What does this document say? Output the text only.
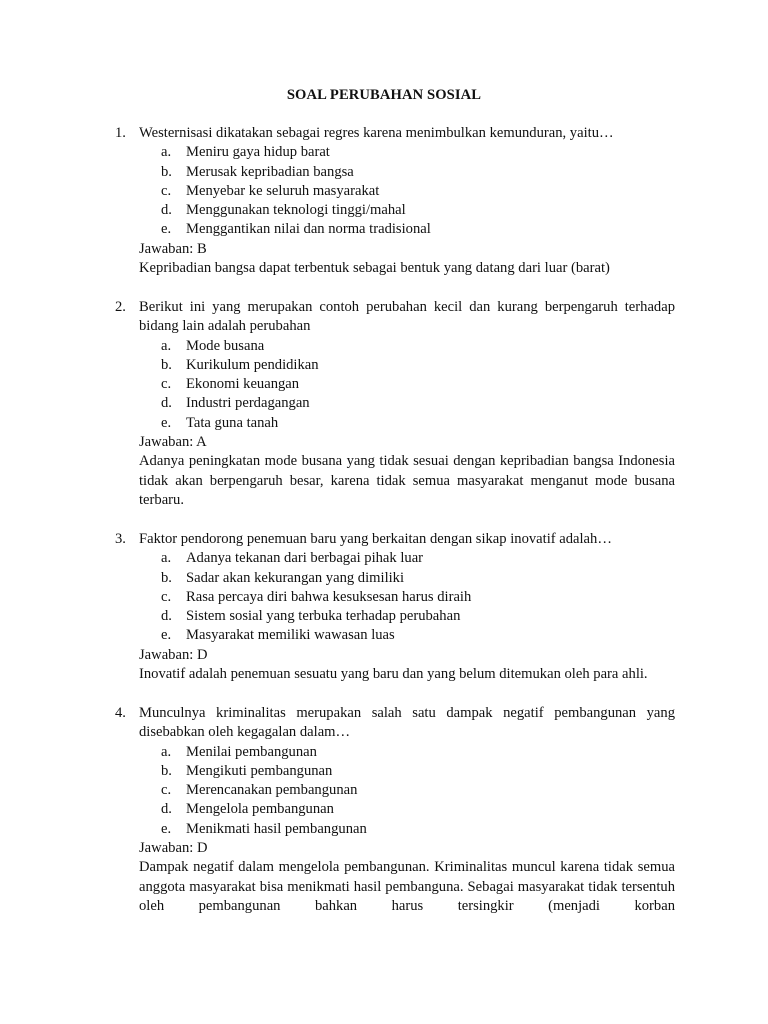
SOAL PERUBAHAN SOSIAL
1. Westernisasi dikatakan sebagai regres karena menimbulkan kemunduran, yaitu…
a. Meniru gaya hidup barat
b. Merusak kepribadian bangsa
c. Menyebar ke seluruh masyarakat
d. Menggunakan teknologi tinggi/mahal
e. Menggantikan nilai dan norma tradisional
Jawaban: B
Kepribadian bangsa dapat terbentuk sebagai bentuk yang datang dari luar (barat)
2. Berikut ini yang merupakan contoh perubahan kecil dan kurang berpengaruh terhadap bidang lain adalah perubahan
a. Mode busana
b. Kurikulum pendidikan
c. Ekonomi keuangan
d. Industri perdagangan
e. Tata guna tanah
Jawaban: A
Adanya peningkatan mode busana yang tidak sesuai dengan kepribadian bangsa Indonesia tidak akan berpengaruh besar, karena tidak semua masyarakat menganut mode busana terbaru.
3. Faktor pendorong penemuan baru yang berkaitan dengan sikap inovatif adalah…
a. Adanya tekanan dari berbagai pihak luar
b. Sadar akan kekurangan yang dimiliki
c. Rasa percaya diri bahwa kesuksesan harus diraih
d. Sistem sosial yang terbuka terhadap perubahan
e. Masyarakat memiliki wawasan luas
Jawaban: D
Inovatif adalah penemuan sesuatu yang baru dan yang belum ditemukan oleh para ahli.
4. Munculnya kriminalitas merupakan salah satu dampak negatif pembangunan yang disebabkan oleh kegagalan dalam…
a. Menilai pembangunan
b. Mengikuti pembangunan
c. Merencanakan pembangunan
d. Mengelola pembangunan
e. Menikmati hasil pembangunan
Jawaban: D
Dampak negatif dalam mengelola pembangunan. Kriminalitas muncul karena tidak semua anggota masyarakat bisa menikmati hasil pembanguna. Sebagai masyarakat tidak tersentuh oleh pembangunan bahkan harus tersingkir (menjadi korban
